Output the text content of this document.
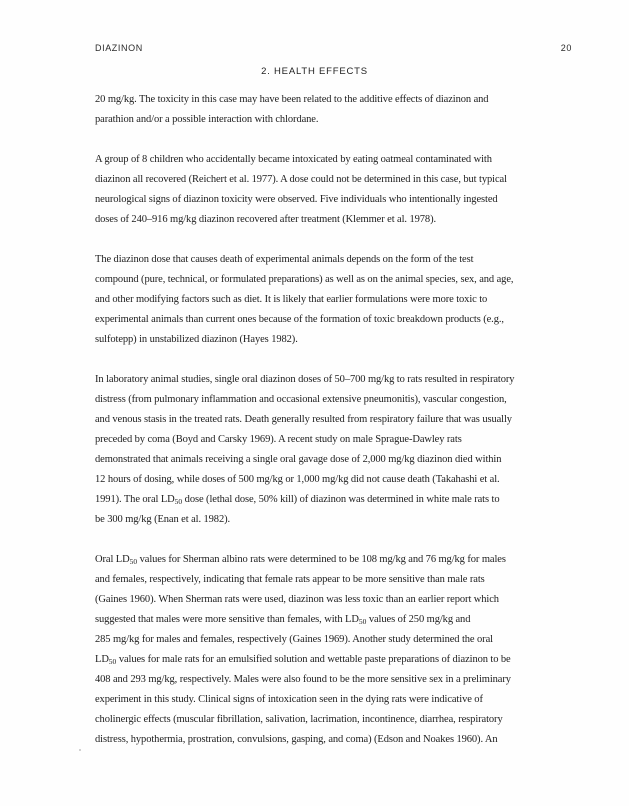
DIAZINON	20
2. HEALTH EFFECTS

20 mg/kg. The toxicity in this case may have been related to the additive effects of diazinon and
parathion and/or a possible interaction with chlordane.

A group of 8 children who accidentally became intoxicated by eating oatmeal contaminated with
diazinon all recovered (Reichert et al. 1977). A dose could not be determined in this case, but typical
neurological signs of diazinon toxicity were observed. Five individuals who intentionally ingested
doses of 240–916 mg/kg diazinon recovered after treatment (Klemmer et al. 1978).

The diazinon dose that causes death of experimental animals depends on the form of the test
compound (pure, technical, or formulated preparations) as well as on the animal species, sex, and age,
and other modifying factors such as diet. It is likely that earlier formulations were more toxic to
experimental animals than current ones because of the formation of toxic breakdown products (e.g.,
sulfotepp) in unstabilized diazinon (Hayes 1982).

In laboratory animal studies, single oral diazinon doses of 50–700 mg/kg to rats resulted in respiratory
distress (from pulmonary inflammation and occasional extensive pneumonitis), vascular congestion,
and venous stasis in the treated rats. Death generally resulted from respiratory failure that was usually
preceded by coma (Boyd and Carsky 1969). A recent study on male Sprague-Dawley rats
demonstrated that animals receiving a single oral gavage dose of 2,000 mg/kg diazinon died within
12 hours of dosing, while doses of 500 mg/kg or 1,000 mg/kg did not cause death (Takahashi et al.
1991). The oral $LD_{50}$ dose (lethal dose, 50% kill) of diazinon was determined in white male rats to
be 300 mg/kg (Enan et al. 1982).

Oral $LD_{50}$ values for Sherman albino rats were determined to be 108 mg/kg and 76 mg/kg for males
and females, respectively, indicating that female rats appear to be more sensitive than male rats
(Gaines 1960). When Sherman rats were used, diazinon was less toxic than an earlier report which
suggested that males were more sensitive than females, with $LD_{50}$ values of 250 mg/kg and
285 mg/kg for males and females, respectively (Gaines 1969). Another study determined the oral
$LD_{50}$ values for male rats for an emulsified solution and wettable paste preparations of diazinon to be
408 and 293 mg/kg, respectively. Males were also found to be the more sensitive sex in a preliminary
experiment in this study. Clinical signs of intoxication seen in the dying rats were indicative of
cholinergic effects (muscular fibrillation, salivation, lacrimation, incontinence, diarrhea, respiratory
distress, hypothermia, prostration, convulsions, gasping, and coma) (Edson and Noakes 1960). An
